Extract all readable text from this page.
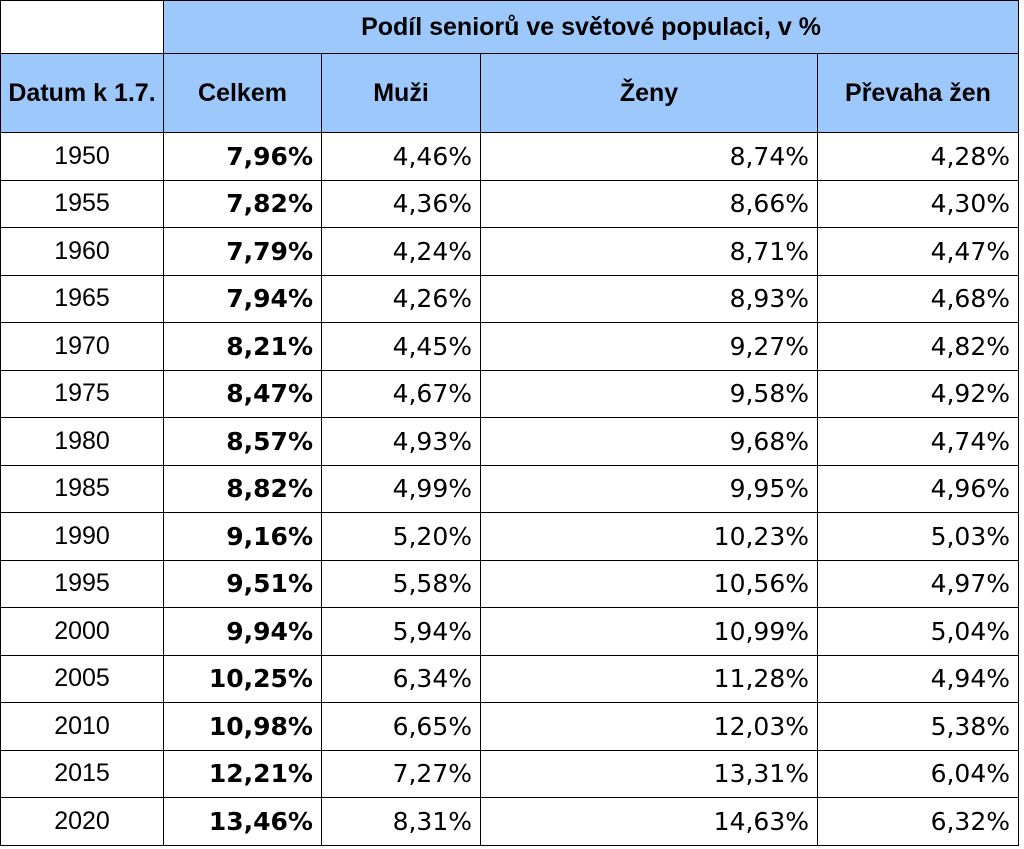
	Podíl seniorů ve světové populaci, v %			
Datum k 1.7.	Celkem	Muži	Ženy	Převaha žen
1950	7,96%	4,46%	8,74%	4,28%
1955	7,82%	4,36%	8,66%	4,30%
1960	7,79%	4,24%	8,71%	4,47%
1965	7,94%	4,26%	8,93%	4,68%
1970	8,21%	4,45%	9,27%	4,82%
1975	8,47%	4,67%	9,58%	4,92%
1980	8,57%	4,93%	9,68%	4,74%
1985	8,82%	4,99%	9,95%	4,96%
1990	9,16%	5,20%	10,23%	5,03%
1995	9,51%	5,58%	10,56%	4,97%
2000	9,94%	5,94%	10,99%	5,04%
2005	10,25%	6,34%	11,28%	4,94%
2010	10,98%	6,65%	12,03%	5,38%
2015	12,21%	7,27%	13,31%	6,04%
2020	13,46%	8,31%	14,63%	6,32%
